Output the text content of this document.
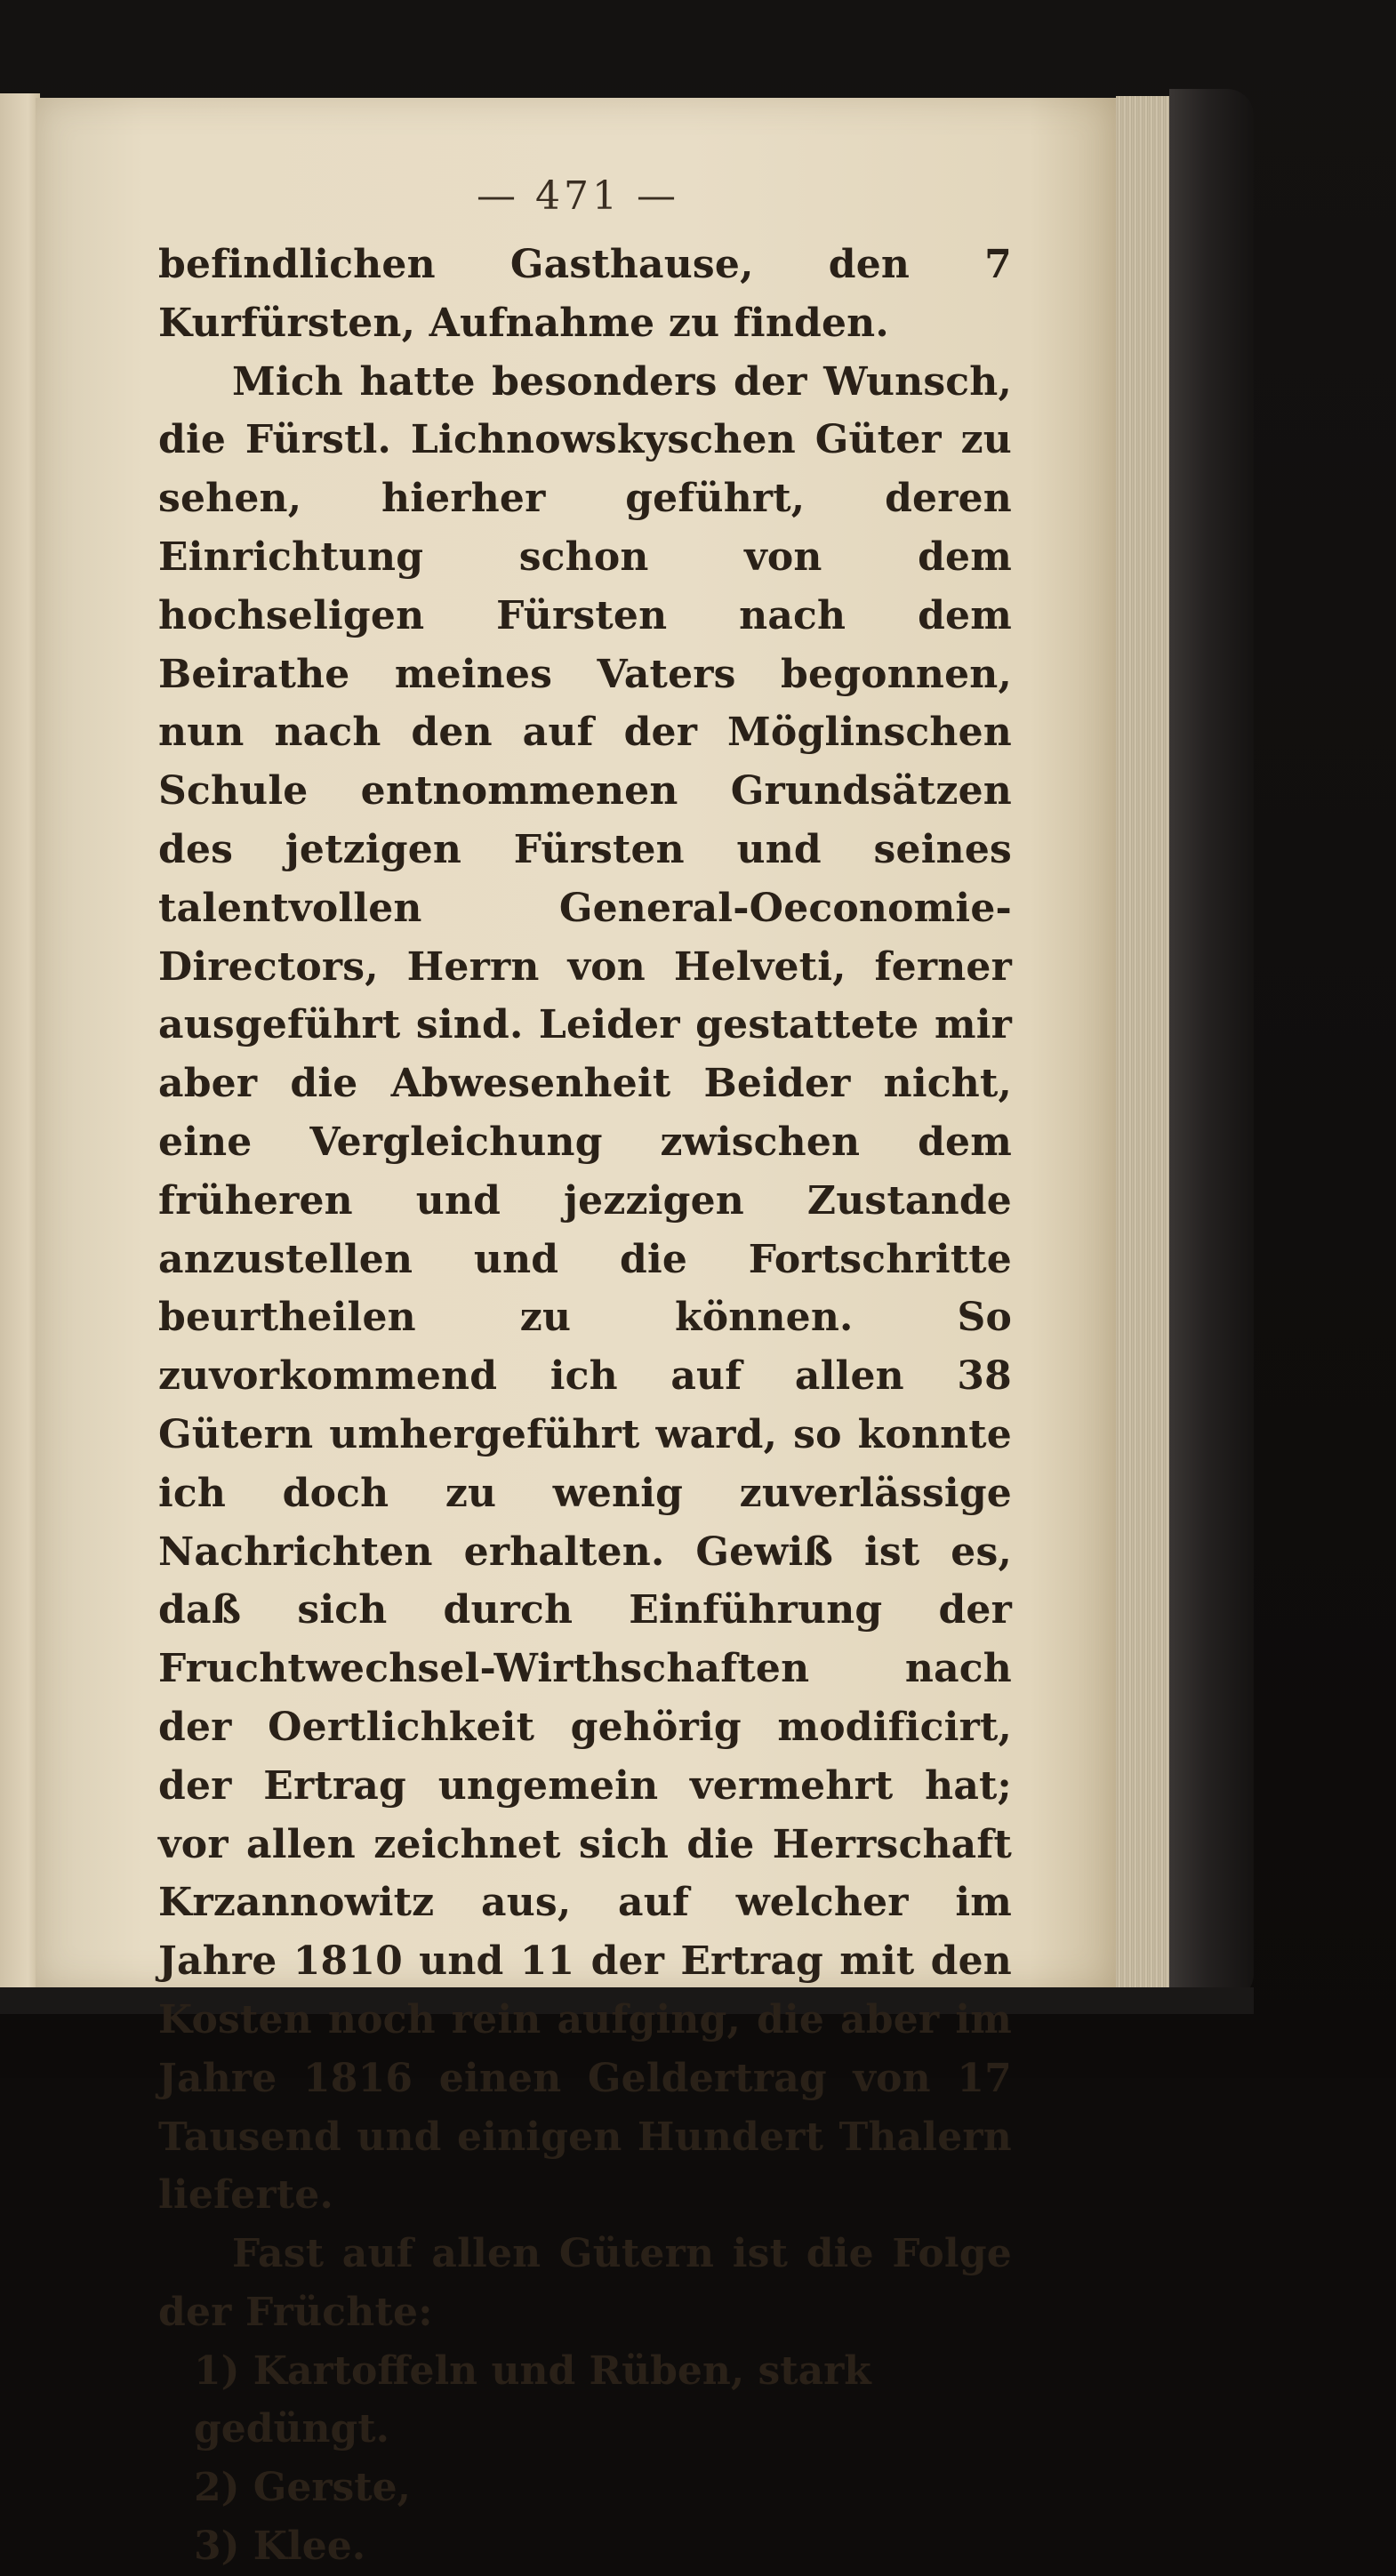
— 471 —

befindlichen Gasthause, den 7 Kurfürsten, Aufnahme zu finden.

Mich hatte besonders der Wunsch, die Fürstl. Lichnowskyschen Güter zu sehen, hierher geführt, deren Einrichtung schon von dem hochseligen Fürsten nach dem Beirathe meines Vaters begonnen, nun nach den auf der Möglinschen Schule entnommenen Grundsätzen des jetzigen Fürsten und seines talentvollen General-Oeconomie-Directors, Herrn von Helveti, ferner ausgeführt sind. Leider gestattete mir aber die Abwesenheit Beider nicht, eine Vergleichung zwischen dem früheren und jezzigen Zustande anzustellen und die Fortschritte beurtheilen zu können. So zuvorkommend ich auf allen 38 Gütern umhergeführt ward, so konnte ich doch zu wenig zuverlässige Nachrichten erhalten. Gewiß ist es, daß sich durch Einführung der Fruchtwechsel-Wirthschaften nach der Oertlichkeit gehörig modificirt, der Ertrag ungemein vermehrt hat; vor allen zeichnet sich die Herrschaft Krzannowitz aus, auf welcher im Jahre 1810 und 11 der Ertrag mit den Kosten noch rein aufging, die aber im Jahre 1816 einen Geldertrag von 17 Tausend und einigen Hundert Thalern lieferte.

Fast auf allen Gütern ist die Folge der Früchte:

1) Kartoffeln und Rüben, stark gedüngt.
2) Gerste,
3) Klee.
